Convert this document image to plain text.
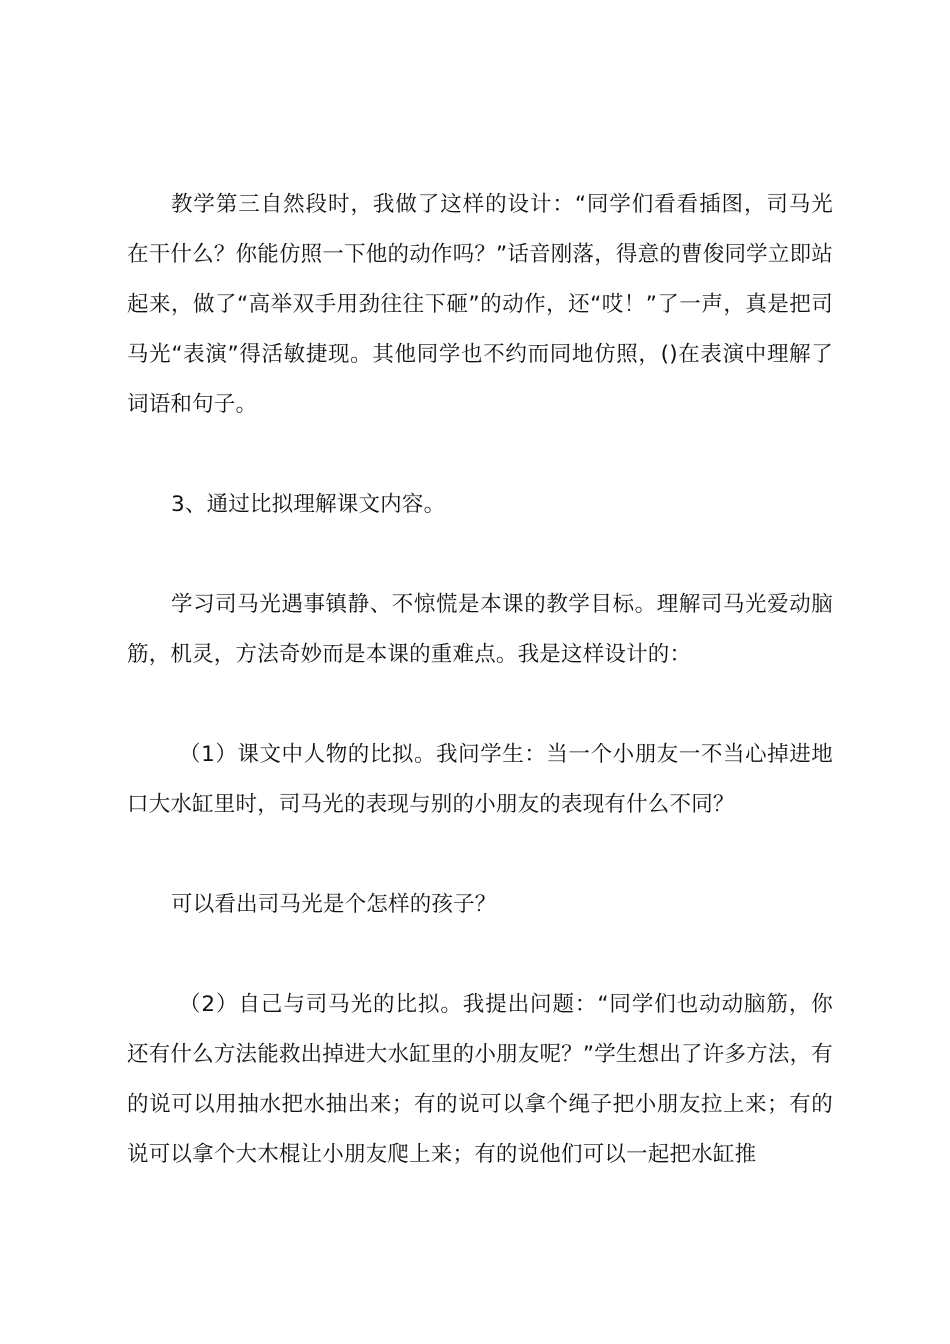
教学第三自然段时，我做了这样的设计：“同学们看看插图，司马光在干什么？你能仿照一下他的动作吗？”话音刚落，得意的曹俊同学立即站起来，做了“高举双手用劲往往下砸”的动作，还“哎！”了一声，真是把司马光“表演”得活敏捷现。其他同学也不约而同地仿照，()在表演中理解了词语和句子。

3、通过比拟理解课文内容。

学习司马光遇事镇静、不惊慌是本课的教学目标。理解司马光爱动脑筋，机灵，方法奇妙而是本课的重难点。我是这样设计的：

（1）课文中人物的比拟。我问学生：当一个小朋友一不当心掉进地口大水缸里时，司马光的表现与别的小朋友的表现有什么不同？

可以看出司马光是个怎样的孩子？

（2）自己与司马光的比拟。我提出问题：“同学们也动动脑筋，你还有什么方法能救出掉进大水缸里的小朋友呢？”学生想出了许多方法，有的说可以用抽水把水抽出来；有的说可以拿个绳子把小朋友拉上来；有的说可以拿个大木棍让小朋友爬上来；有的说他们可以一起把水缸推
